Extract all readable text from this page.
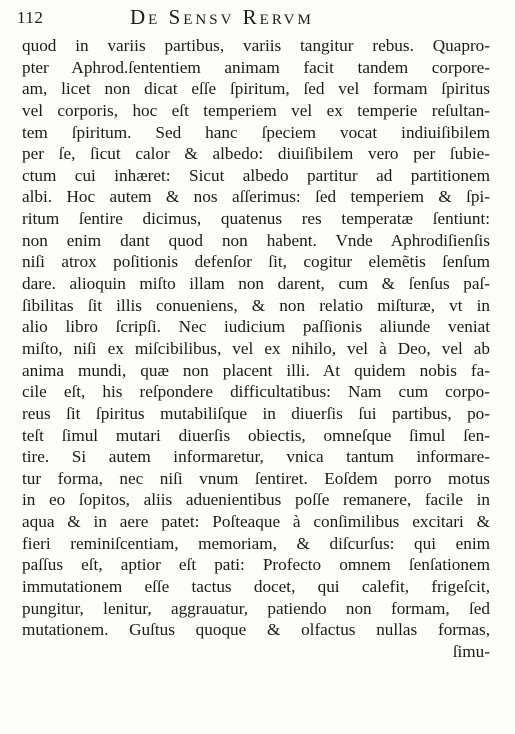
112	De Sensv Rervm
quod in variis partibus, variis tangitur rebus. Quapro-
pter Aphrod.ſententiem animam facit tandem corpore-
am, licet non dicat eſſe ſpiritum, ſed vel formam ſpiritus
vel corporis, hoc eſt temperiem vel ex temperie reſultan-
tem ſpiritum. Sed hanc ſpeciem vocat indiuiſibilem
per ſe, ſicut calor & albedo: diuiſibilem vero per ſubie-
ctum cui inhæret: Sicut albedo partitur ad partitionem
albi. Hoc autem & nos aſſerimus: ſed temperiem & ſpi-
ritum ſentire dicimus, quatenus res temperatæ ſentiunt:
non enim dant quod non habent. Vnde Aphrodiſienſis
niſi atrox poſitionis defenſor ſit, cogitur elemẽtis ſenſum
dare. alioquin miſto illam non darent, cum & ſenſus paſ-
ſibilitas ſit illis conueniens, & non relatio miſturæ, vt in
alio libro ſcripſi. Nec iudicium paſſionis aliunde veniat
miſto, niſi ex miſcibilibus, vel ex nihilo, vel à Deo, vel ab
anima mundi, quæ non placent illi. At quidem nobis fa-
cile eſt, his reſpondere difficultatibus: Nam cum corpo-
reus ſit ſpiritus mutabiliſque in diuerſis ſui partibus, po-
teſt ſimul mutari diuerſis obiectis, omneſque ſimul ſen-
tire. Si autem informaretur, vnica tantum informare-
tur forma, nec niſi vnum ſentiret. Eoſdem porro motus
in eo ſopitos, aliis aduenientibus poſſe remanere, facile in
aqua & in aere patet: Poſteaque à conſimilibus excitari &
fieri reminiſcentiam, memoriam, & diſcurſus: qui enim
paſſus eſt, aptior eſt pati: Profecto omnem ſenſationem
immutationem eſſe tactus docet, qui calefit, frigeſcit,
pungitur, lenitur, aggrauatur, patiendo non formam, ſed
mutationem. Guſtus quoque & olfactus nullas formas,
ſimu-
